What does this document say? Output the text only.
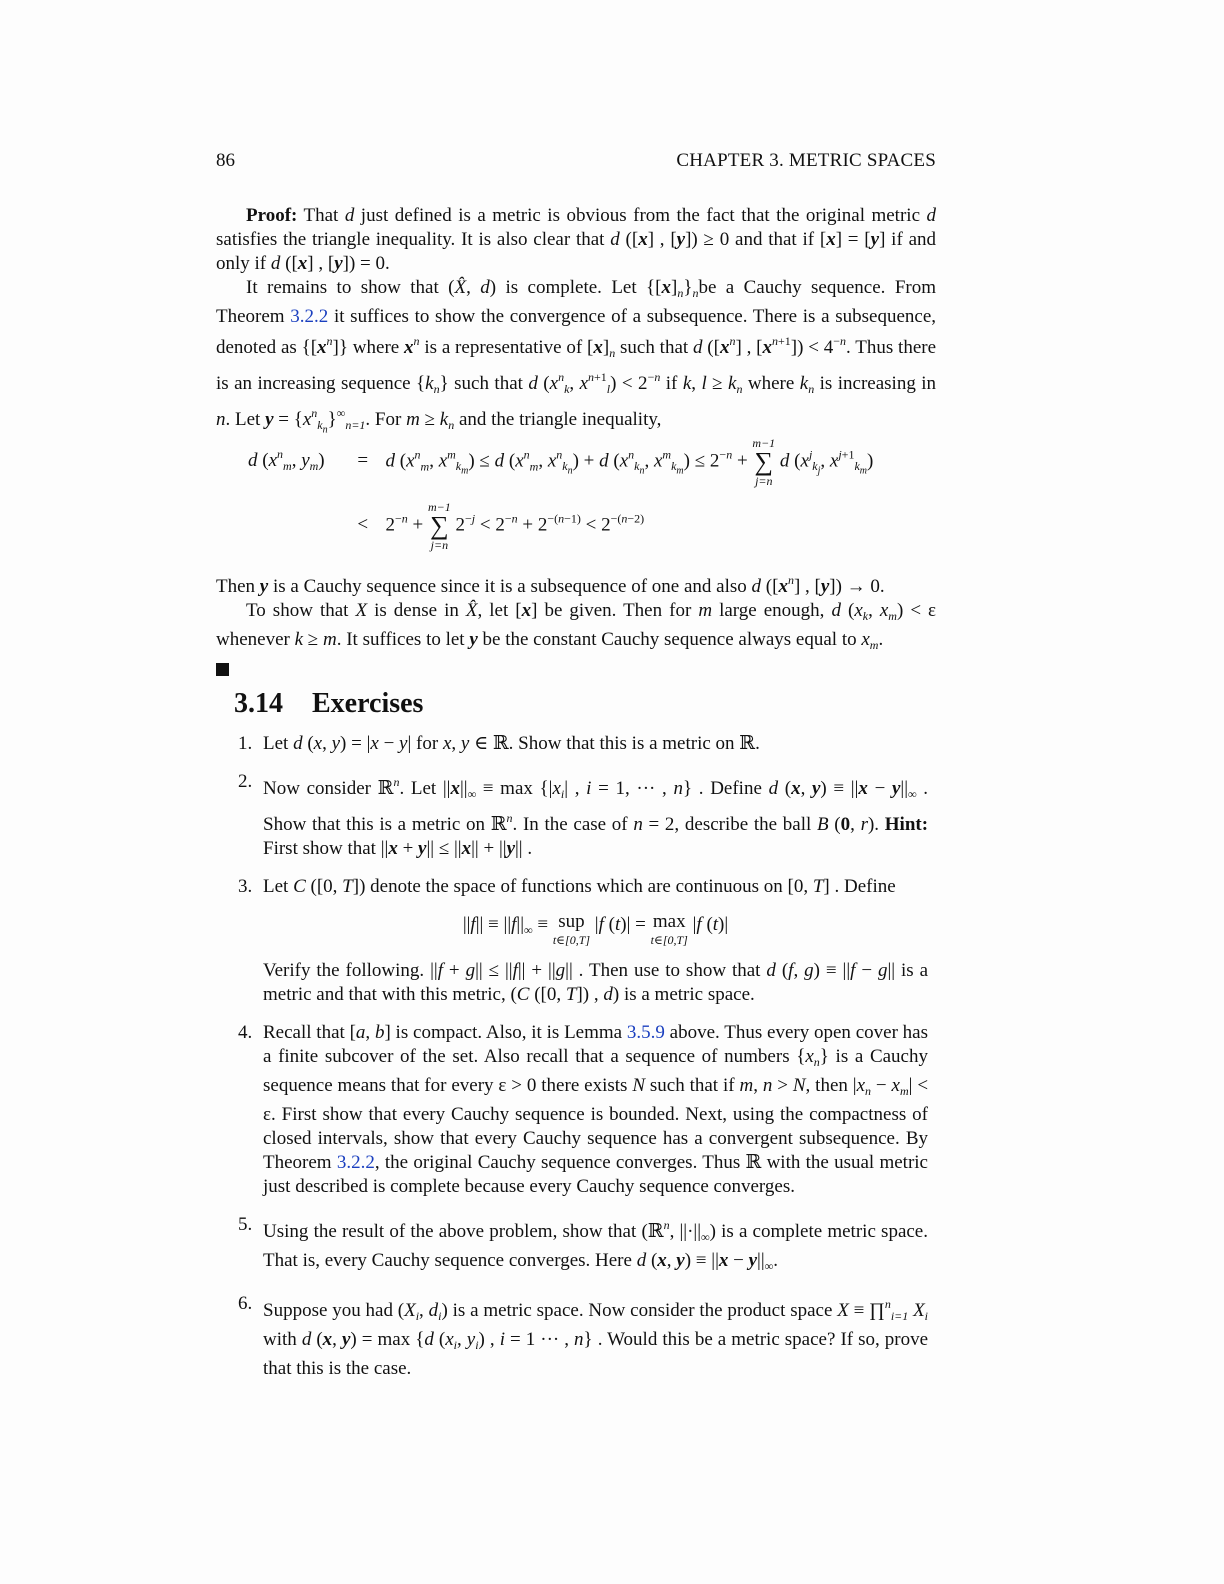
86	CHAPTER 3. METRIC SPACES

Proof: That d just defined is a metric is obvious from the fact that the original metric d satisfies the triangle inequality. It is also clear that d ([x] , [y]) ≥ 0 and that if [x] = [y] if and only if d ([x] , [y]) = 0.

It remains to show that (X̂, d) is complete. Let $\{[x]_n\}_nbe$ a Cauchy sequence. From Theorem 3.2.2 it suffices to show the convergence of a subsequence. There is a subsequence, denoted as $\{[x^n]\}$ where $x^n$ is a representative of $[x]_n$ such that d ($[x^n]$ , $[x^{n+1}]) < 4^{-n}$. Thus there is an increasing sequence $\{k_n\}$ such that d ($x^n_k$, $x^{n+1}_l) < 2^{-n}$ if k, $l \ge k_n$ where $k_n$ is increasing in n. Let $y = \{x^n_{k_n}\}^\infty_{n=1}$. For $m \ge k_n$ and the triangle inequality,

d ($x^n_m$, $y_m) = d$ ($x^n_m$, $x^m_{k_m}) \le d$ ($x^n_m$, $x^n_{k_n}) + d$ ($x^n_{k_n}$, $x^m_{k_m}) \le 2^{-n}$ +
m−1
∑
j=n
d ($x^j_{k_j}$, $x^{j+1}_{k_m}$)
< $2^{-n}$ +
m−1
∑
j=n
$2^{-j} < 2^{-n} + 2^{-(n-1)} < 2^{-(n-2)}$

Then y is a Cauchy sequence since it is a subsequence of one and also d ($[x^n]$ , [y]) → 0.

To show that X is dense in X̂, let [x] be given. Then for m large enough, d ($x_k$, $x_m) < \varepsilon$ whenever k ≥ m. It suffices to let y be the constant Cauchy sequence always equal to $x_m$.

3.14 Exercises
1. Let d (x, y) = |x − y| for x, y ∈ ℝ. Show that this is a metric on ℝ.
2. Now consider ℝ$^n$. Let $||x||_\infty \equiv \max \{|x_i|$ , i = 1, ··· , n} . Define d (x, $y) \equiv ||x - y||_\infty$ . Show that this is a metric on ℝ$^n$. In the case of n = 2, describe the ball B (0, r). Hint: First show that ||x + y|| ≤ ||x|| + ||y|| .
3. Let C ([0, T]) denote the space of functions which are continuous on [0, T] . Define
$||f|| \equiv ||f||_\infty$ ≡ sup
t∈[0,T]
|f (t)| = max
t∈[0,T]
|f (t)|
Verify the following. ||f + g|| ≤ ||f|| + ||g|| . Then use to show that d (f, g) ≡ ||f − g|| is a metric and that with this metric, (C ([0, T]) , d) is a metric space.
4. Recall that [a, b] is compact. Also, it is Lemma 3.5.9 above. Thus every open cover has a finite subcover of the set. Also recall that a sequence of numbers $\{x_n\}$ is a Cauchy sequence means that for every ε > 0 there exists N such that if m, n > N, then $|x_n - x_m| < \varepsilon$. First show that every Cauchy sequence is bounded. Next, using the compactness of closed intervals, show that every Cauchy sequence has a convergent subsequence. By Theorem 3.2.2, the original Cauchy sequence converges. Thus ℝ with the usual metric just described is complete because every Cauchy sequence converges.
5. Using the result of the above problem, show that (ℝ$^n$, $||\cdot||_\infty$) is a complete metric space. That is, every Cauchy sequence converges. Here d (x, $y) \equiv ||x - y||_\infty$.
6. Suppose you had ($X_i$, $d_i$) is a metric space. Now consider the product space X ≡ ∏$^n_{i=1}$ $X_i$ with d (x, y) = max {d ($x_i$, $y_i$) , i = 1 ··· , n} . Would this be a metric space? If so, prove that this is the case.
